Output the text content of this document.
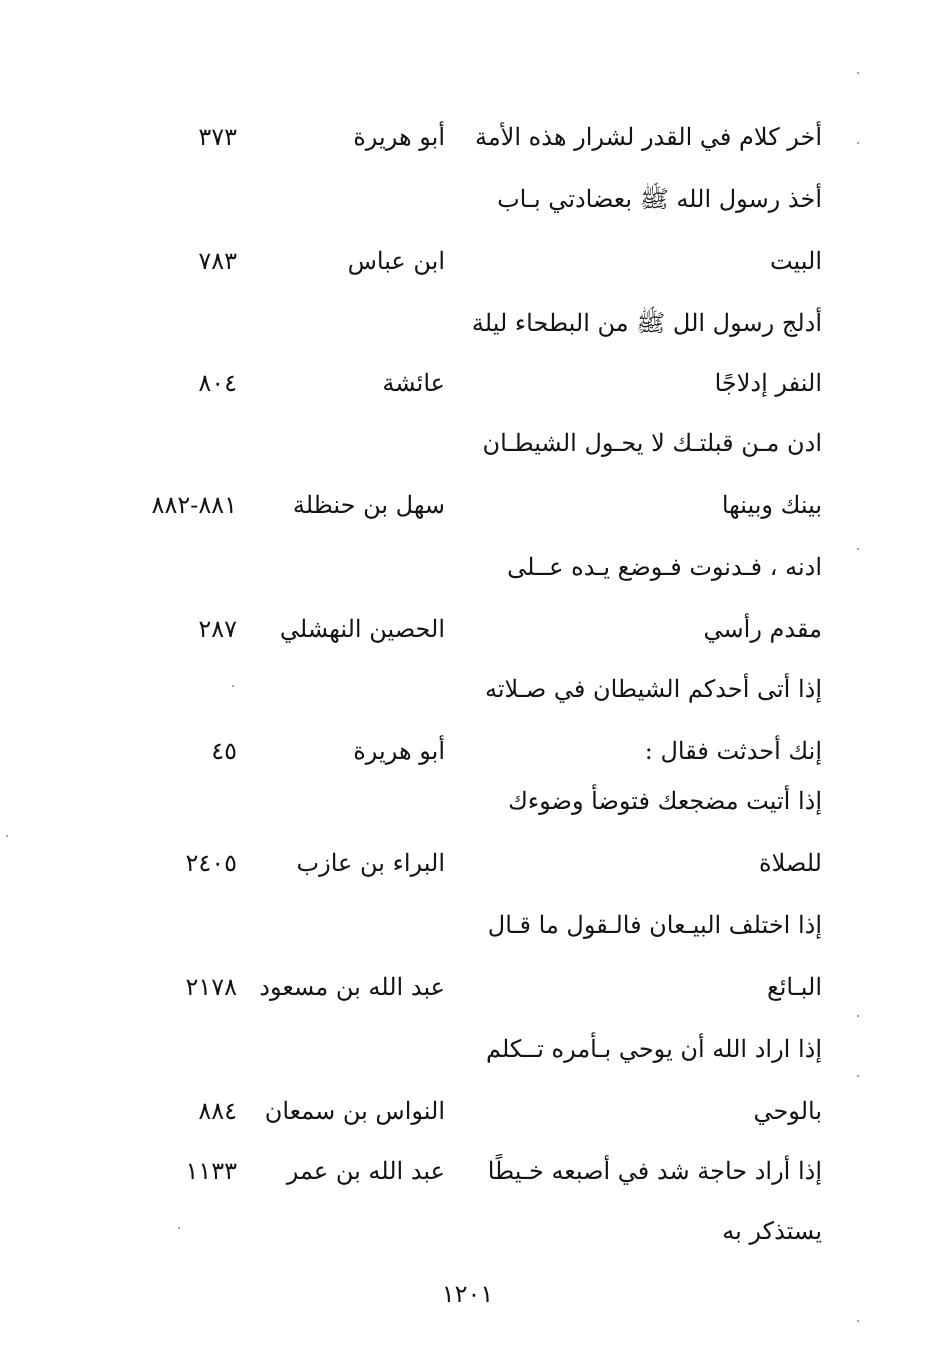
أخر كلام في القدر لشرار هذه الأمة
أبو هريرة
٣٧٣
أخذ رسول الله ﷺ بعضادتي بـاب
البيت
ابن عباس
٧٨٣
أدلج رسول الل ﷺ من البطحاء ليلة
النفر إدلاجًا
عائشة
٨٠٤
ادن مـن قبلتـك لا يحـول الشيطـان
بينك وبينها
سهل بن حنظلة
٨٨١-٨٨٢
ادنه ، فـدنوت فـوضع يـده عــلى
مقدم رأسي
الحصين النهشلي
٢٨٧
إذا أتى أحدكم الشيطان في صـلاته
إنك أحدثت فقال :
أبو هريرة
٤٥
إذا أتيت مضجعك فتوضأ وضوءك
للصلاة
البراء بن عازب
٢٤٠٥
إذا اختلف البيـعان فالـقول ما قـال
البـائع
عبد الله بن مسعود
٢١٧٨
إذا اراد الله أن يوحي بـأمره تــكلم
بالوحي
النواس بن سمعان
٨٨٤
إذا أراد حاجة شد في أصبعه خـيطًا
عبد الله بن عمر
١١٣٣
يستذكر به
١٢٠١
